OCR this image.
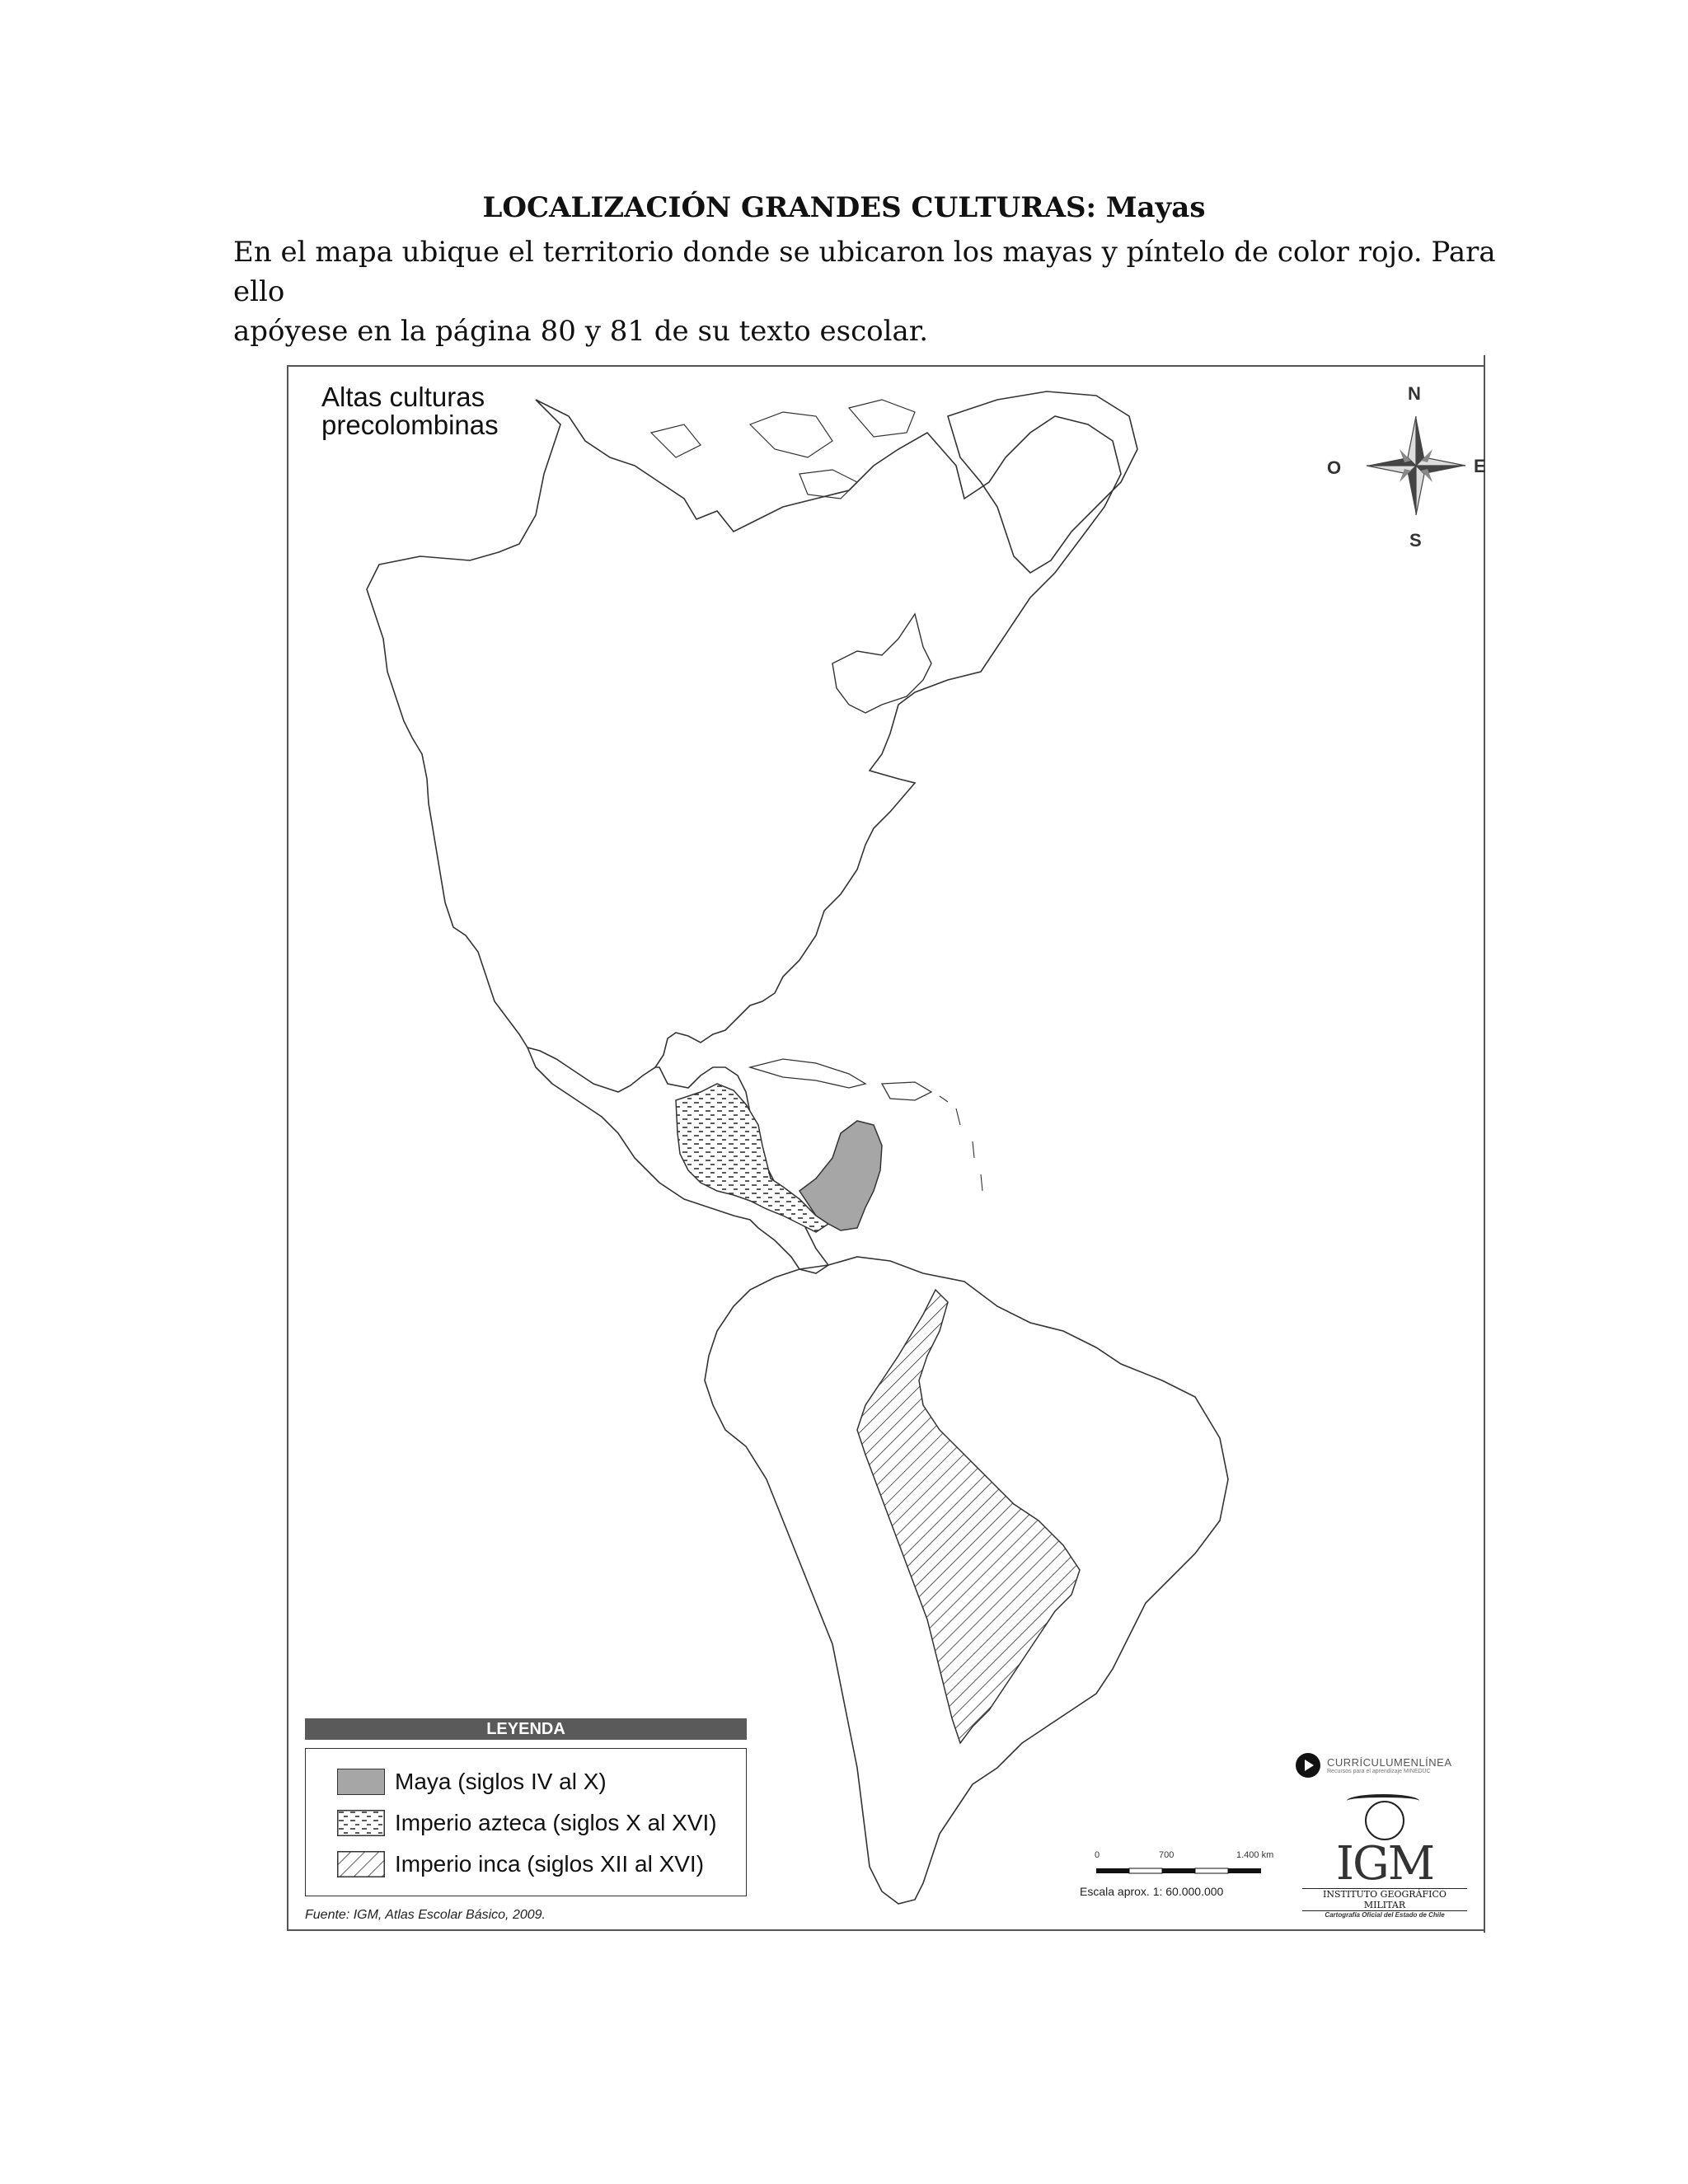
LOCALIZACIÓN GRANDES CULTURAS: Mayas
En el mapa ubique el territorio donde se ubicaron los mayas y píntelo de color rojo. Para ello
apóyese en la página 80 y 81 de su texto escolar.
Altas culturas
precolombinas
N
S
E
O
LEYENDA
Maya (siglos IV al X)
Imperio azteca (siglos X al XVI)
Imperio inca (siglos XII al XVI)
Fuente: IGM, Atlas Escolar Básico, 2009.
0	700	1.400 km
Escala aprox. 1: 60.000.000
CURRÍCULUMENLÍNEA
Recursos para el aprendizaje MINEDUC
IGM
INSTITUTO GEOGRÁFICO MILITAR
Cartografía Oficial del Estado de Chile
